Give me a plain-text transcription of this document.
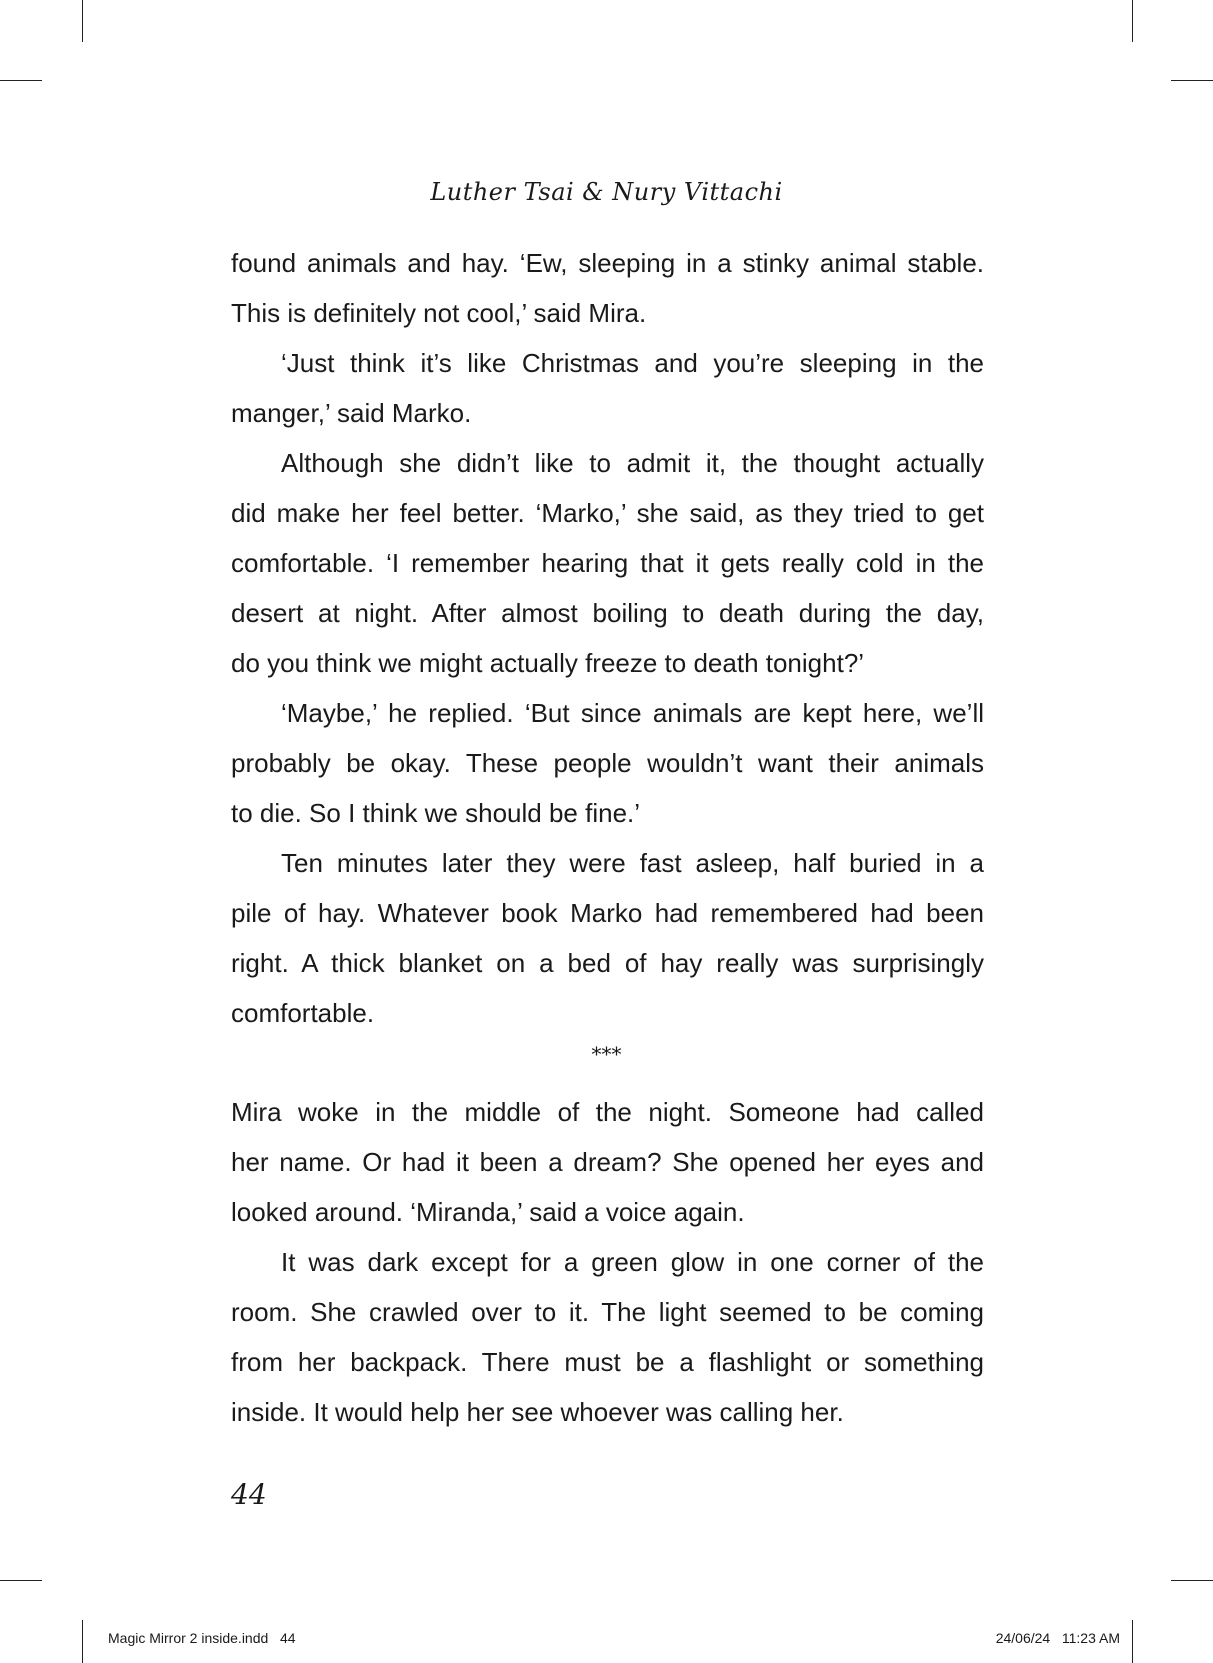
Luther Tsai & Nury Vittachi
found animals and hay. ‘Ew, sleeping in a stinky animal stable.
This is definitely not cool,’ said Mira.
‘Just think it’s like Christmas and you’re sleeping in the
manger,’ said Marko.
Although she didn’t like to admit it, the thought actually
did make her feel better. ‘Marko,’ she said, as they tried to get
comfortable. ‘I remember hearing that it gets really cold in the
desert at night. After almost boiling to death during the day,
do you think we might actually freeze to death tonight?’
‘Maybe,’ he replied. ‘But since animals are kept here, we’ll
probably be okay. These people wouldn’t want their animals
to die. So I think we should be fine.’
Ten minutes later they were fast asleep, half buried in a
pile of hay. Whatever book Marko had remembered had been
right. A thick blanket on a bed of hay really was surprisingly
comfortable.
***
Mira woke in the middle of the night. Someone had called
her name. Or had it been a dream? She opened her eyes and
looked around. ‘Miranda,’ said a voice again.
It was dark except for a green glow in one corner of the
room. She crawled over to it. The light seemed to be coming
from her backpack. There must be a flashlight or something
inside. It would help her see whoever was calling her.
44
Magic Mirror 2 inside.indd   44	24/06/24   11:23 AM
